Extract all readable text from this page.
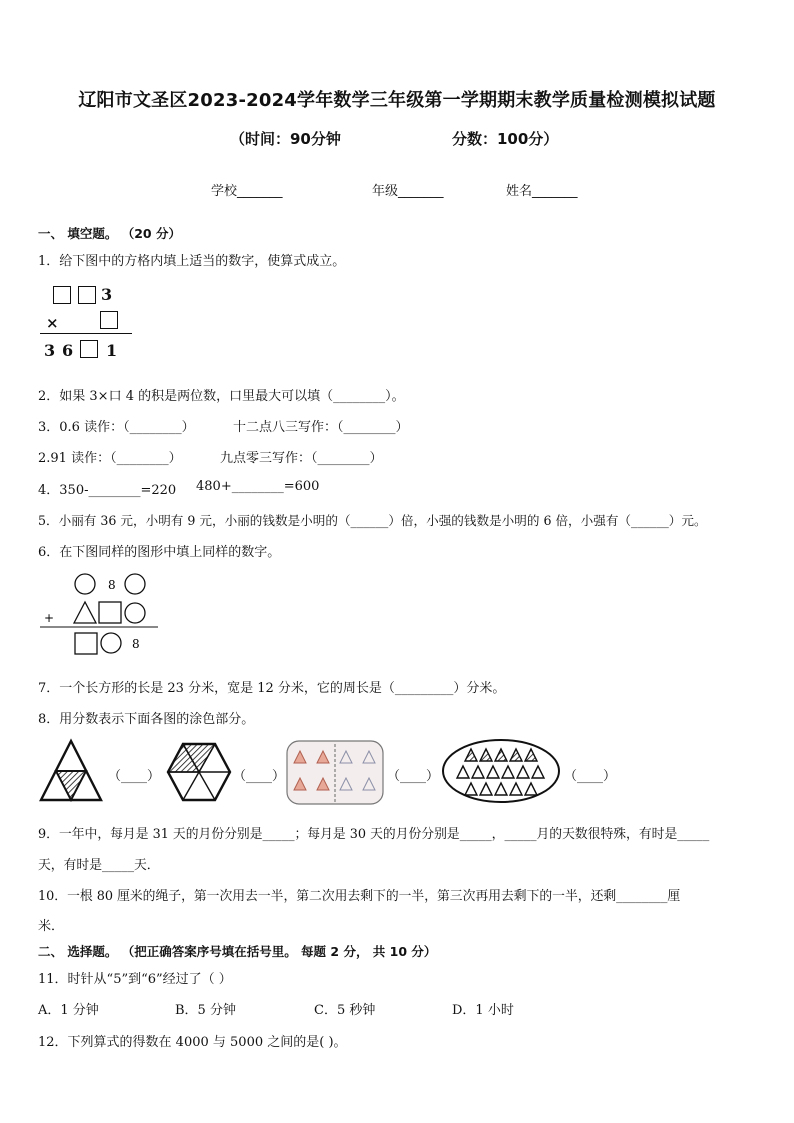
辽阳市文圣区2023-2024学年数学三年级第一学期期末教学质量检测模拟试题
（时间：90分钟	分数：100分）
学校_______	年级_______	姓名_______
一、 填空题。 （20 分）
1．给下图中的方格内填上适当的数字，使算式成立。
3
×
3 6 1
2．如果 3×口 4 的积是两位数，口里最大可以填（________）。
3．0.6 读作：（________）	十二点八三写作：（________）
2.91 读作：（________）	九点零三写作：（________）
4．350-________=220 480+________=600
5．小丽有 36 元，小明有 9 元，小丽的钱数是小明的（______）倍，小强的钱数是小明的 6 倍，小强有（______）元。
6．在下图同样的图形中填上同样的数字。
8
+
8
7．一个长方形的长是 23 分米，宽是 12 分米，它的周长是（_________）分米。
8．用分数表示下面各图的涂色部分。
（____）	（____）	（____）	（____）
9．一年中，每月是 31 天的月份分别是_____；每月是 30 天的月份分别是_____，_____月的天数很特殊，有时是_____
天，有时是_____天．
10．一根 80 厘米的绳子，第一次用去一半，第二次用去剩下的一半，第三次再用去剩下的一半，还剩________厘
米．
二、 选择题。 （把正确答案序号填在括号里。 每题 2 分， 共 10 分）
11．时针从“5”到“6”经过了（ ）
A．1 分钟	B．5 分钟	C．5 秒钟	D．1 小时
12．下列算式的得数在 4000 与 5000 之间的是( )。
